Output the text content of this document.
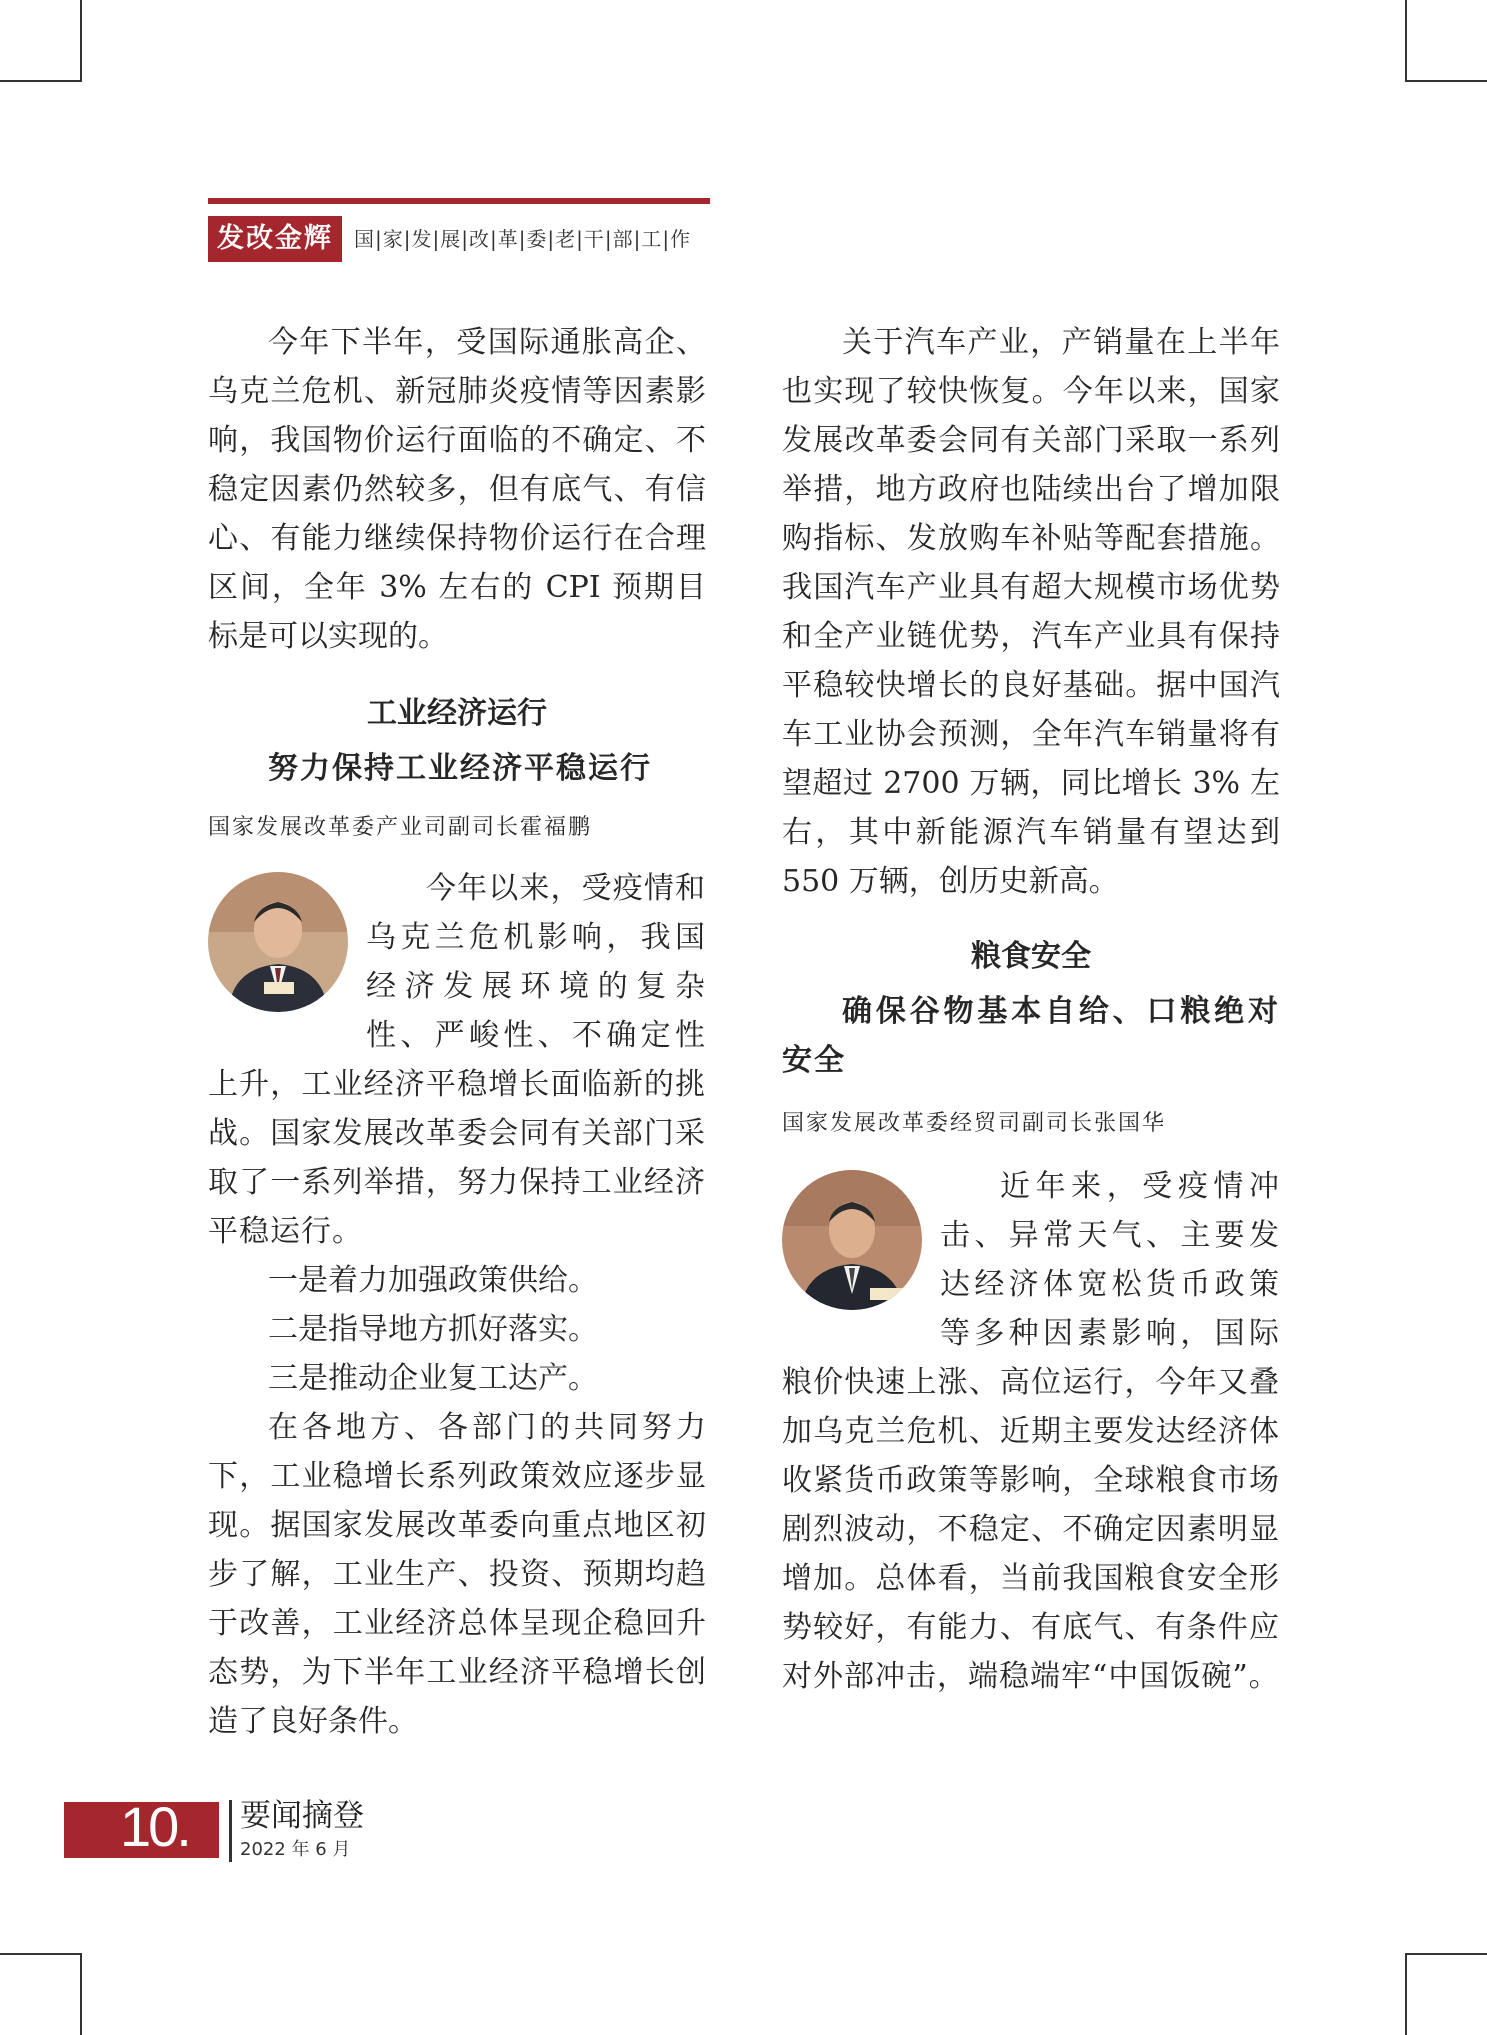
发改金辉	国|家|发|展|改|革|委|老|干|部|工|作

今年下半年，受国际通胀高企、乌克兰危机、新冠肺炎疫情等因素影响，我国物价运行面临的不确定、不稳定因素仍然较多，但有底气、有信心、有能力继续保持物价运行在合理区间，全年 3% 左右的 CPI 预期目标是可以实现的。

工业经济运行

努力保持工业经济平稳运行

国家发展改革委产业司副司长霍福鹏

今年以来，受疫情和乌克兰危机影响，我国经济发展环境的复杂性、严峻性、不确定性上升，工业经济平稳增长面临新的挑战。国家发展改革委会同有关部门采取了一系列举措，努力保持工业经济平稳运行。

一是着力加强政策供给。

二是指导地方抓好落实。

三是推动企业复工达产。

在各地方、各部门的共同努力下，工业稳增长系列政策效应逐步显现。据国家发展改革委向重点地区初步了解，工业生产、投资、预期均趋于改善，工业经济总体呈现企稳回升态势，为下半年工业经济平稳增长创造了良好条件。

关于汽车产业，产销量在上半年也实现了较快恢复。今年以来，国家发展改革委会同有关部门采取一系列举措，地方政府也陆续出台了增加限购指标、发放购车补贴等配套措施。我国汽车产业具有超大规模市场优势和全产业链优势，汽车产业具有保持平稳较快增长的良好基础。据中国汽车工业协会预测，全年汽车销量将有望超过 2700 万辆，同比增长 3% 左右，其中新能源汽车销量有望达到 550 万辆，创历史新高。

粮食安全

确保谷物基本自给、口粮绝对安全

国家发展改革委经贸司副司长张国华

近年来，受疫情冲击、异常天气、主要发达经济体宽松货币政策等多种因素影响，国际粮价快速上涨、高位运行，今年又叠加乌克兰危机、近期主要发达经济体收紧货币政策等影响，全球粮食市场剧烈波动，不稳定、不确定因素明显增加。总体看，当前我国粮食安全形势较好，有能力、有底气、有条件应对外部冲击，端稳端牢“中国饭碗”。

10. 要闻摘登
2022 年 6 月
